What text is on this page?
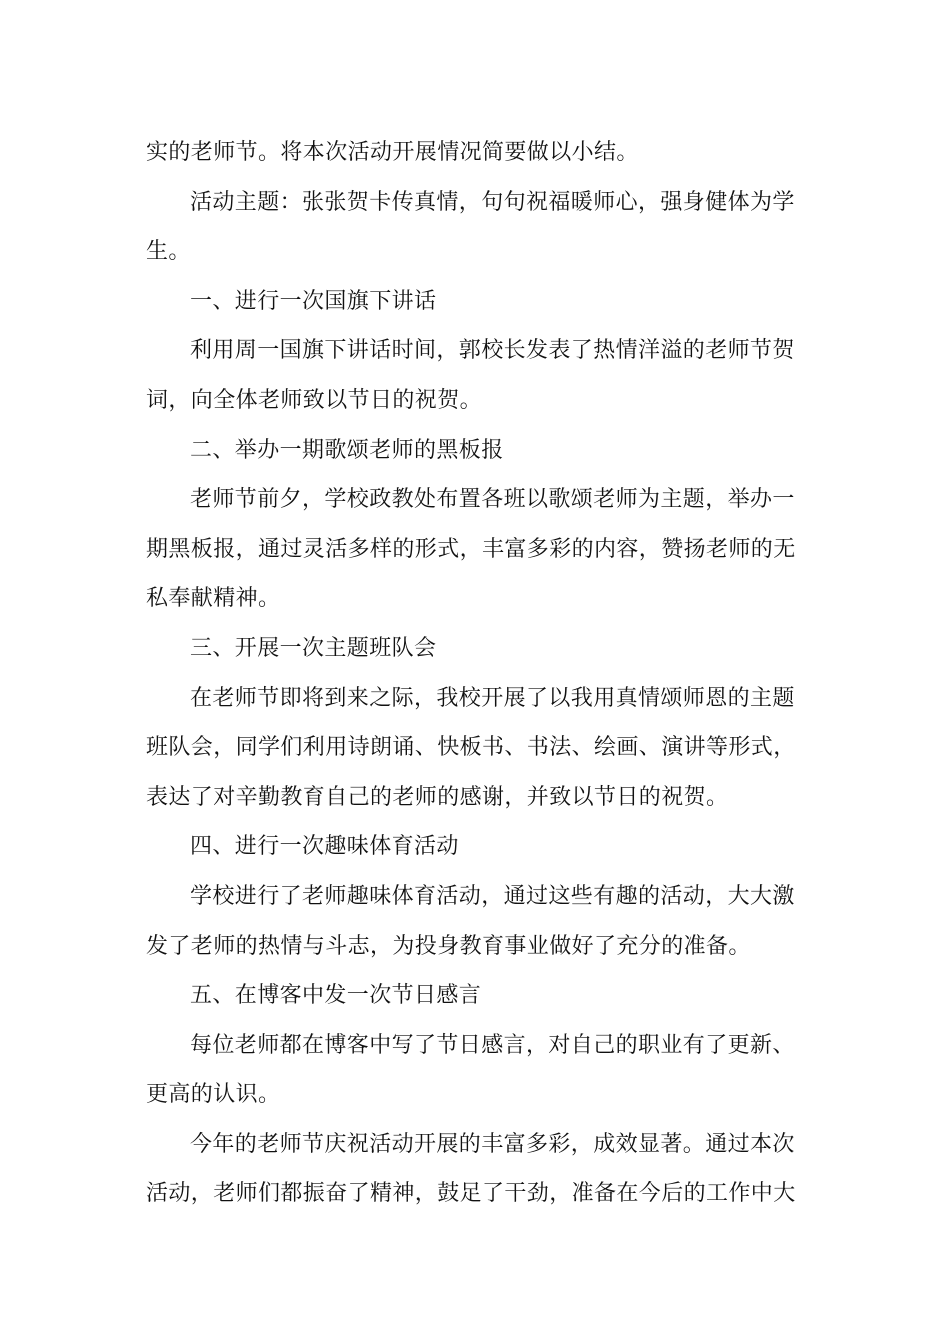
实的老师节。将本次活动开展情况简要做以小结。
活动主题：张张贺卡传真情，句句祝福暖师心，强身健体为学
生。
一、进行一次国旗下讲话
利用周一国旗下讲话时间，郭校长发表了热情洋溢的老师节贺
词，向全体老师致以节日的祝贺。
二、举办一期歌颂老师的黑板报
老师节前夕，学校政教处布置各班以歌颂老师为主题，举办一
期黑板报，通过灵活多样的形式，丰富多彩的内容，赞扬老师的无
私奉献精神。
三、开展一次主题班队会
在老师节即将到来之际，我校开展了以我用真情颂师恩的主题
班队会，同学们利用诗朗诵、快板书、书法、绘画、演讲等形式，
表达了对辛勤教育自己的老师的感谢，并致以节日的祝贺。
四、进行一次趣味体育活动
学校进行了老师趣味体育活动，通过这些有趣的活动，大大激
发了老师的热情与斗志，为投身教育事业做好了充分的准备。
五、在博客中发一次节日感言
每位老师都在博客中写了节日感言，对自己的职业有了更新、
更高的认识。
今年的老师节庆祝活动开展的丰富多彩，成效显著。通过本次
活动，老师们都振奋了精神，鼓足了干劲，准备在今后的工作中大
